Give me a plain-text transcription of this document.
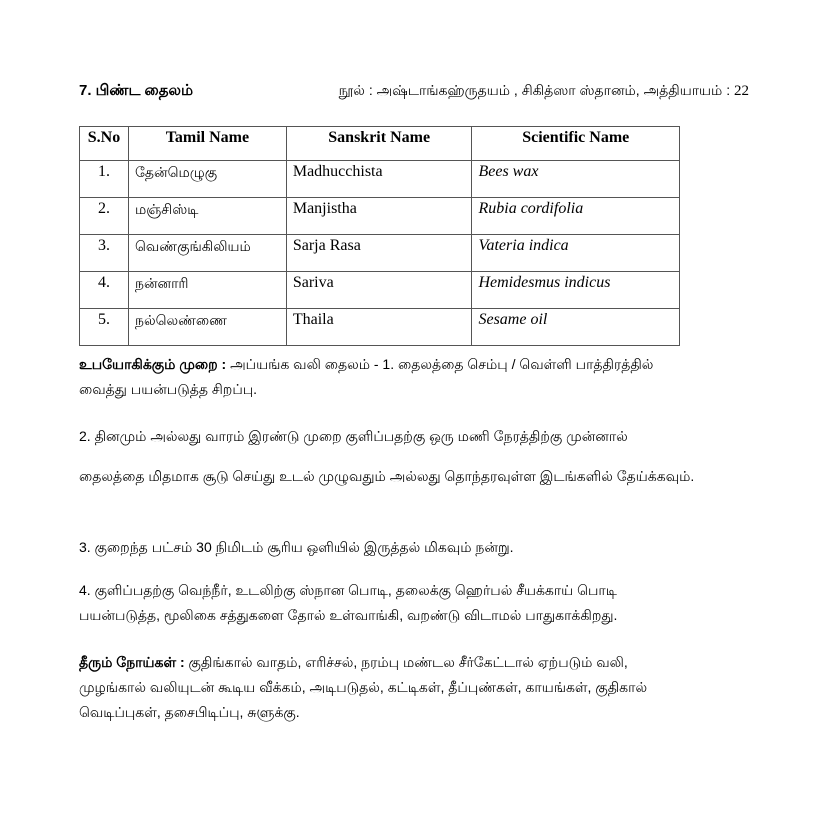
7. பிண்ட தைலம்	நூல் : அஷ்டாங்கஹ்ருதயம் , சிகித்ஸா ஸ்தானம், அத்தியாயம் : 22
S.No	Tamil Name	Sanskrit Name	Scientific Name
1.	தேன்மெழுகு	Madhucchista	Bees wax
2.	மஞ்சிஸ்டி	Manjistha	Rubia cordifolia
3.	வெண்குங்கிலியம்	Sarja Rasa	Vateria indica
4.	நன்னாரி	Sariva	Hemidesmus indicus
5.	நல்லெண்ணை	Thaila	Sesame oil
உபயோகிக்கும் முறை : அப்யங்க வலி தைலம் - 1. தைலத்தை செம்பு / வெள்ளி பாத்திரத்தில்
வைத்து பயன்படுத்த சிறப்பு.
2. தினமும் அல்லது வாரம் இரண்டு முறை குளிப்பதற்கு ஒரு மணி நேரத்திற்கு முன்னால்
தைலத்தை மிதமாக சூடு செய்து உடல் முழுவதும் அல்லது தொந்தரவுள்ள இடங்களில் தேய்க்கவும்.
3. குறைந்த பட்சம் 30 நிமிடம் சூரிய ஒளியில் இருத்தல் மிகவும் நன்று.
4. குளிப்பதற்கு வெந்நீர், உடலிற்கு ஸ்நான பொடி, தலைக்கு ஹெர்பல் சீயக்காய் பொடி
பயன்படுத்த, மூலிகை சத்துகளை தோல் உள்வாங்கி, வறண்டு விடாமல் பாதுகாக்கிறது.
தீரும் நோய்கள் : குதிங்கால் வாதம், எரிச்சல், நரம்பு மண்டல சீர்கேட்டால் ஏற்படும் வலி,
முழங்கால் வலியுடன் கூடிய வீக்கம், அடிபடுதல், கட்டிகள், தீப்புண்கள், காயங்கள், குதிகால்
வெடிப்புகள், தசைபிடிப்பு, சுளுக்கு.
